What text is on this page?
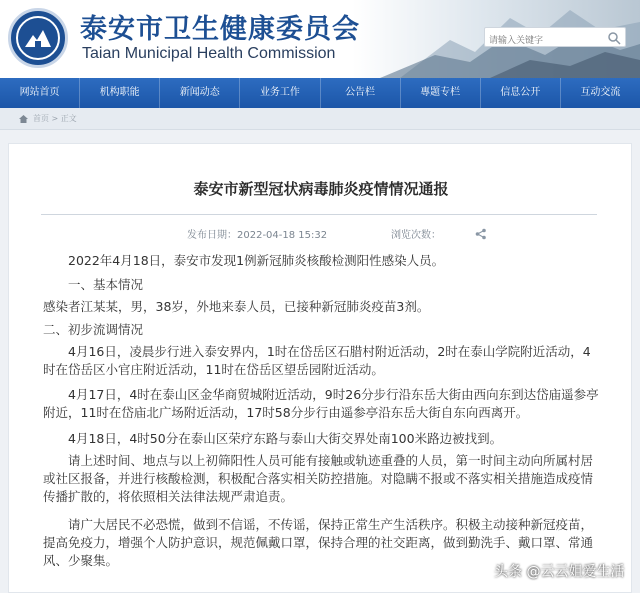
泰安市卫生健康委员会
Taian Municipal Health Commission
请输入关键字
网站首页	机构职能	新闻动态	业务工作	公告栏	專题专栏	信息公开	互动交流
首页 > 正文
泰安市新型冠状病毒肺炎疫情情况通报
发布日期：2022-04-18 15:32	浏览次数：
2022年4月18日，泰安市发现1例新冠肺炎核酸检测阳性感染人员。
一、基本情况
感染者江某某，男，38岁，外地来泰人员，已接种新冠肺炎疫苗3剂。
二、初步流调情况
4月16日，凌晨步行进入泰安界内，1时在岱岳区石腊村附近活动，2时在泰山学院附近活动，4时在岱岳区小官庄附近活动，11时在岱岳区望岳园附近活动。
4月17日，4时在泰山区金华商贸城附近活动，9时26分步行沿东岳大街由西向东到达岱庙遥参亭附近，11时在岱庙北广场附近活动，17时58分步行由遥参亭沿东岳大街自东向西离开。
4月18日，4时50分在泰山区荣疗东路与泰山大街交界处南100米路边被找到。
请上述时间、地点与以上初筛阳性人员可能有接触或轨迹重叠的人员，第一时间主动向所属村居或社区报备，并进行核酸检测，积极配合落实相关防控措施。对隐瞒不报或不落实相关措施造成疫情传播扩散的，将依照相关法律法规严肃追责。
请广大居民不必恐慌，做到不信谣，不传谣，保持正常生产生活秩序。积极主动接种新冠疫苗，提高免疫力，增强个人防护意识，规范佩戴口罩，保持合理的社交距离，做到勤洗手、戴口罩、常通风、少聚集。
头条 @云云姐爱生活
